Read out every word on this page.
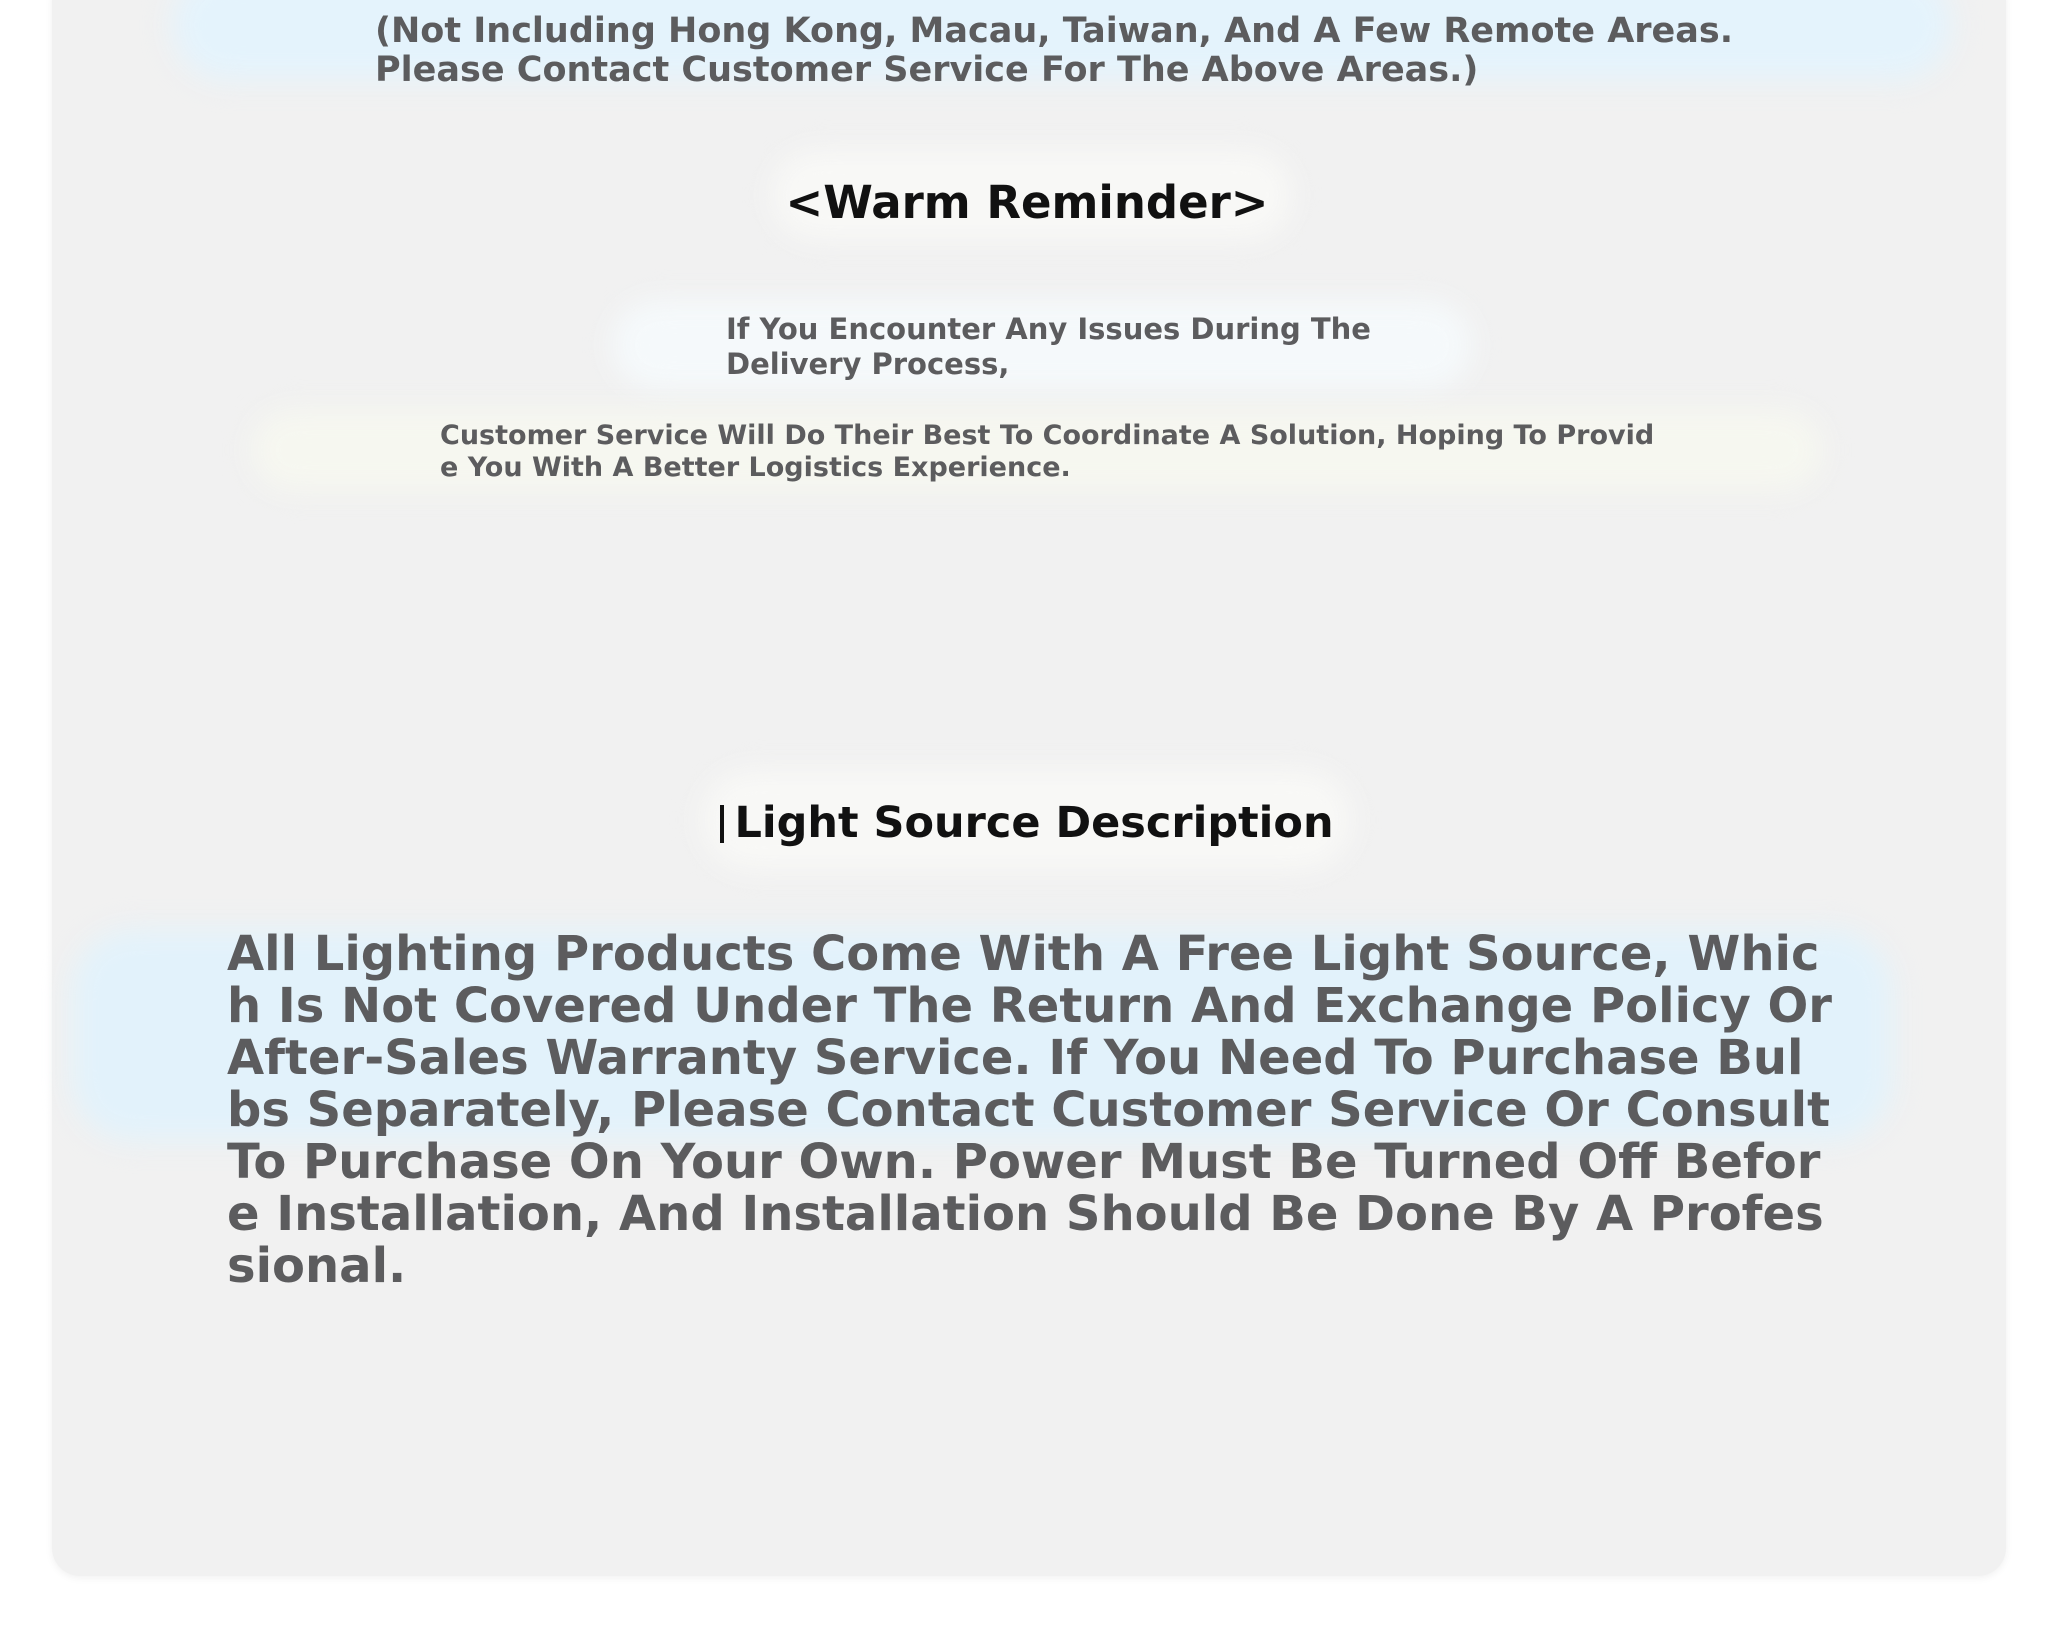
(Not Including Hong Kong, Macau, Taiwan, And A Few Remote Areas. Please Contact Customer Service For The Above Areas.)
<Warm Reminder>
If You Encounter Any Issues During The Delivery Process,
Customer Service Will Do Their Best To Coordinate A Solution, Hoping To Provide You With A Better Logistics Experience.
Light Source Description
All Lighting Products Come With A Free Light Source, Which Is Not Covered Under The Return And Exchange Policy Or After-Sales Warranty Service. If You Need To Purchase Bulbs Separately, Please Contact Customer Service Or Consult To Purchase On Your Own. Power Must Be Turned Off Before Installation, And Installation Should Be Done By A Professional.
